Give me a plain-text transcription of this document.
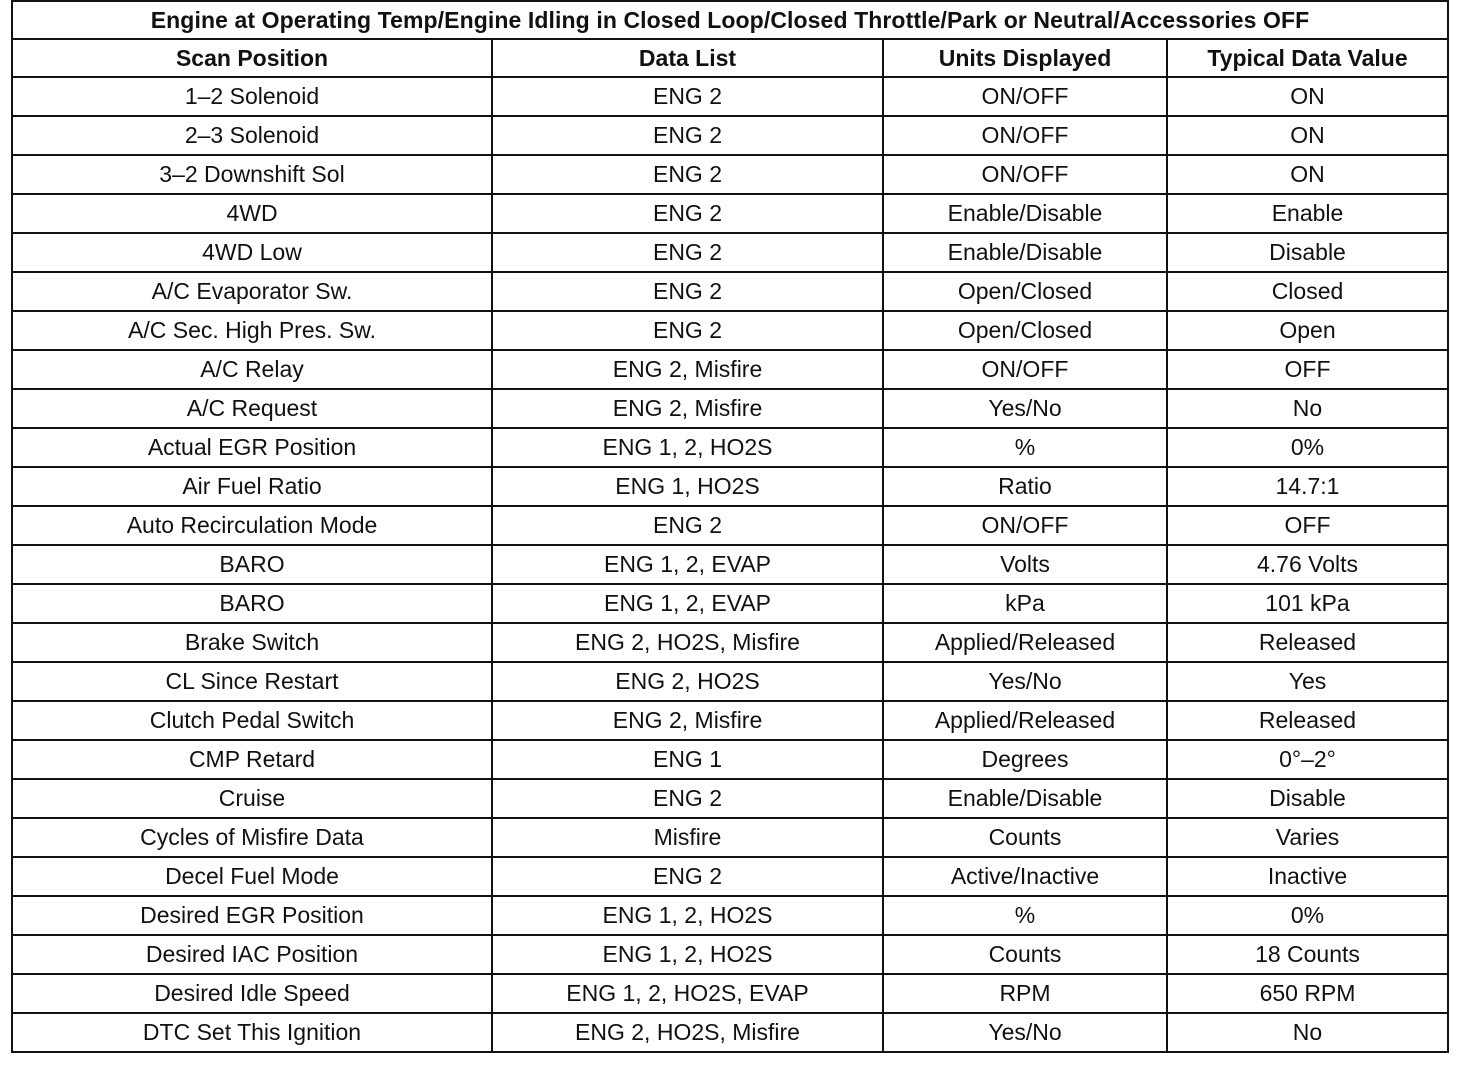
Engine at Operating Temp/Engine Idling in Closed Loop/Closed Throttle/Park or Neutral/Accessories OFF			
Scan Position	Data List	Units Displayed	Typical Data Value
1–2 Solenoid	ENG 2	ON/OFF	ON
2–3 Solenoid	ENG 2	ON/OFF	ON
3–2 Downshift Sol	ENG 2	ON/OFF	ON
4WD	ENG 2	Enable/Disable	Enable
4WD Low	ENG 2	Enable/Disable	Disable
A/C Evaporator Sw.	ENG 2	Open/Closed	Closed
A/C Sec. High Pres. Sw.	ENG 2	Open/Closed	Open
A/C Relay	ENG 2, Misfire	ON/OFF	OFF
A/C Request	ENG 2, Misfire	Yes/No	No
Actual EGR Position	ENG 1, 2, HO2S	%	0%
Air Fuel Ratio	ENG 1, HO2S	Ratio	14.7:1
Auto Recirculation Mode	ENG 2	ON/OFF	OFF
BARO	ENG 1, 2, EVAP	Volts	4.76 Volts
BARO	ENG 1, 2, EVAP	kPa	101 kPa
Brake Switch	ENG 2, HO2S, Misfire	Applied/Released	Released
CL Since Restart	ENG 2, HO2S	Yes/No	Yes
Clutch Pedal Switch	ENG 2, Misfire	Applied/Released	Released
CMP Retard	ENG 1	Degrees	0°–2°
Cruise	ENG 2	Enable/Disable	Disable
Cycles of Misfire Data	Misfire	Counts	Varies
Decel Fuel Mode	ENG 2	Active/Inactive	Inactive
Desired EGR Position	ENG 1, 2, HO2S	%	0%
Desired IAC Position	ENG 1, 2, HO2S	Counts	18 Counts
Desired Idle Speed	ENG 1, 2, HO2S, EVAP	RPM	650 RPM
DTC Set This Ignition	ENG 2, HO2S, Misfire	Yes/No	No
